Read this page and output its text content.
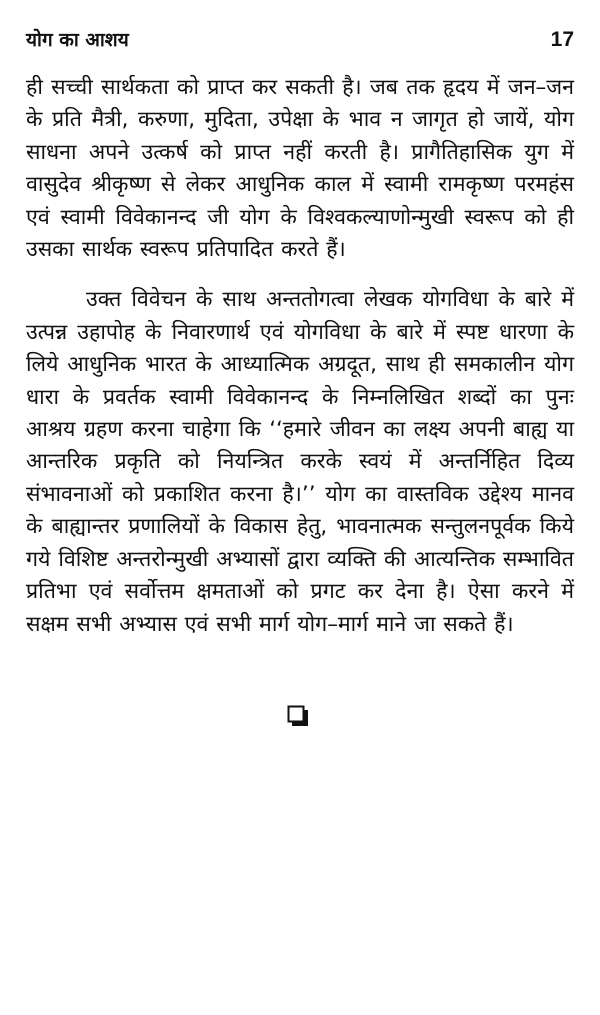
योग का आशय	17

ही सच्ची सार्थकता को प्राप्त कर सकती है। जब तक हृदय में जन–जन के प्रति मैत्री, करुणा, मुदिता, उपेक्षा के भाव न जागृत हो जायें, योग साधना अपने उत्कर्ष को प्राप्त नहीं करती है। प्रागैतिहासिक युग में वासुदेव श्रीकृष्ण से लेकर आधुनिक काल में स्वामी रामकृष्ण परमहंस एवं स्वामी विवेकानन्द जी योग के विश्वकल्याणोन्मुखी स्वरूप को ही उसका सार्थक स्वरूप प्रतिपादित करते हैं।

उक्त विवेचन के साथ अन्ततोगत्वा लेखक योगविधा के बारे में उत्पन्न उहापोह के निवारणार्थ एवं योगविधा के बारे में स्पष्ट धारणा के लिये आधुनिक भारत के आध्यात्मिक अग्रदूत, साथ ही समकालीन योग धारा के प्रवर्तक स्वामी विवेकानन्द के निम्नलिखित शब्दों का पुनः आश्रय ग्रहण करना चाहेगा कि ‘‘हमारे जीवन का लक्ष्य अपनी बाह्य या आन्तरिक प्रकृति को नियन्त्रित करके स्वयं में अन्तर्निहित दिव्य संभावनाओं को प्रकाशित करना है।’’ योग का वास्तविक उद्देश्य मानव के बाह्यान्तर प्रणालियों के विकास हेतु, भावनात्मक सन्तुलनपूर्वक किये गये विशिष्ट अन्तरोन्मुखी अभ्यासों द्वारा व्यक्ति की आत्यन्तिक सम्भावित प्रतिभा एवं सर्वोत्तम क्षमताओं को प्रगट कर देना है। ऐसा करने में सक्षम सभी अभ्यास एवं सभी मार्ग योग–मार्ग माने जा सकते हैं।
